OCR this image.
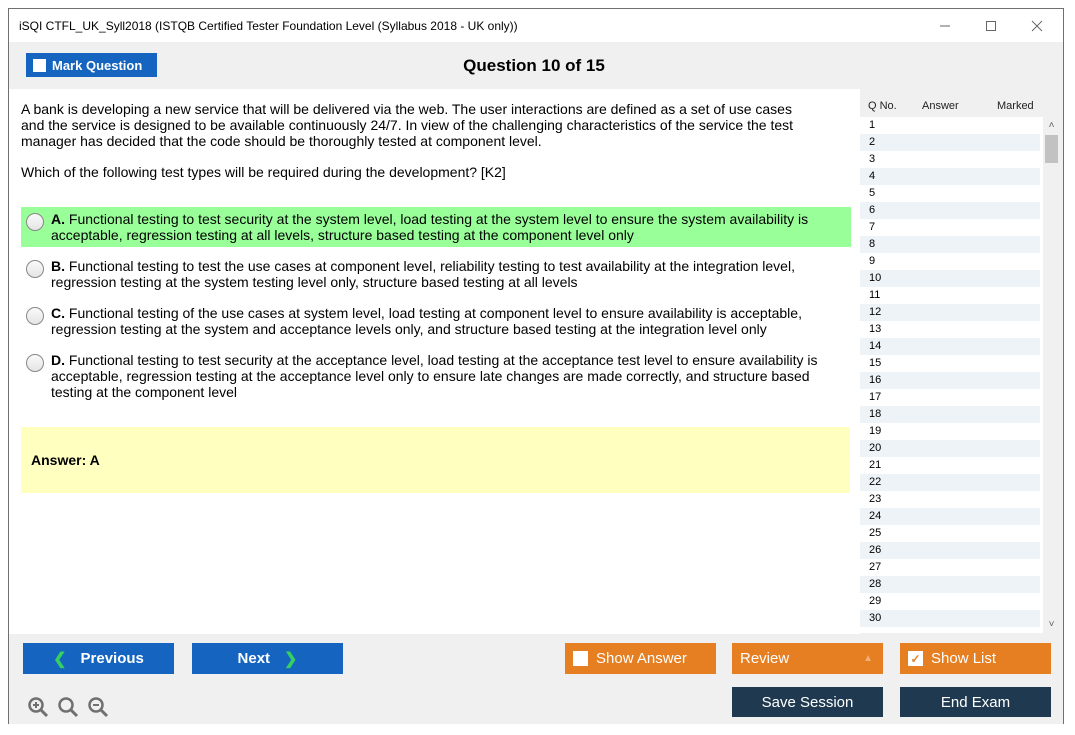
iSQI CTFL_UK_Syll2018 (ISTQB Certified Tester Foundation Level (Syllabus 2018 - UK only))
Mark Question	Question 10 of 15
A bank is developing a new service that will be delivered via the web. The user interactions are defined as a set of use cases
and the service is designed to be available continuously 24/7. In view of the challenging characteristics of the service the test
manager has decided that the code should be thoroughly tested at component level.
Which of the following test types will be required during the development? [K2]
A. Functional testing to test security at the system level, load testing at the system level to ensure the system availability is acceptable, regression testing at all levels, structure based testing at the component level only
B. Functional testing to test the use cases at component level, reliability testing to test availability at the integration level, regression testing at the system testing level only, structure based testing at all levels
C. Functional testing of the use cases at system level, load testing at component level to ensure availability is acceptable, regression testing at the system and acceptance levels only, and structure based testing at the integration level only
D. Functional testing to test security at the acceptance level, load testing at the acceptance test level to ensure availability is acceptable, regression testing at the acceptance level only to ensure late changes are made correctly, and structure based testing at the component level
Answer: A
Q No. Answer	Marked
1
2
3
4
5
6
7
8
9
10
11
12
13
14
15
16
17
18
19
20
21
22
23
24
25
26
27
28
29
30
˄
˅
❮ Previous	Next ❯	Show Answer	Review	▲	✓ Show List
Save Session	End Exam
